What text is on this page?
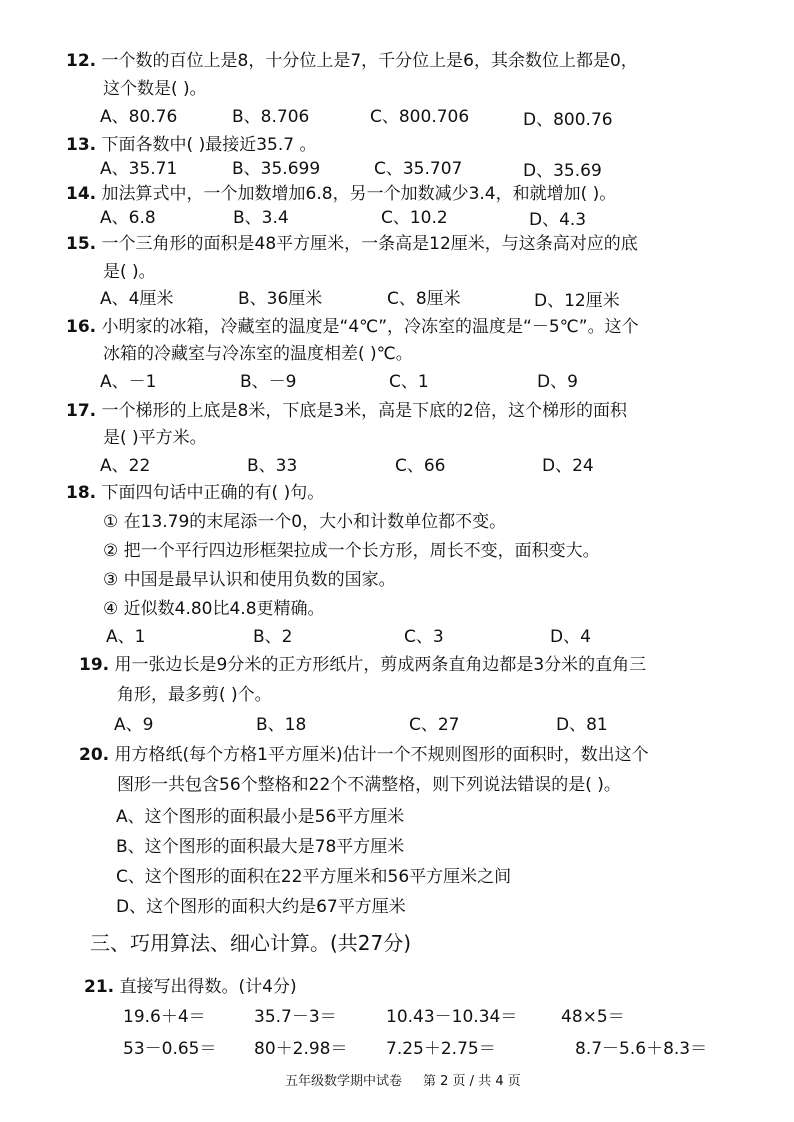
12. 一个数的百位上是8，十分位上是7，千分位上是6，其余数位上都是0，
这个数是( )。
A、80.76	B、8.706	C、800.706	D、800.76
13. 下面各数中( )最接近35.7 。
A、35.71	B、35.699	C、35.707	D、35.69
14. 加法算式中，一个加数增加6.8，另一个加数减少3.4，和就增加( )。
A、6.8	B、3.4	C、10.2	D、4.3
15. 一个三角形的面积是48平方厘米，一条高是12厘米，与这条高对应的底
是( )。
A、4厘米	B、36厘米	C、8厘米	D、12厘米
16. 小明家的冰箱，冷藏室的温度是“4℃”，冷冻室的温度是“－5℃”。这个
冰箱的冷藏室与冷冻室的温度相差( )℃。
A、－1	B、－9	C、1	D、9
17. 一个梯形的上底是8米，下底是3米，高是下底的2倍，这个梯形的面积
是( )平方米。
A、22	B、33	C、66	D、24
18. 下面四句话中正确的有( )句。
① 在13.79的末尾添一个0，大小和计数单位都不变。
② 把一个平行四边形框架拉成一个长方形，周长不变，面积变大。
③ 中国是最早认识和使用负数的国家。
④ 近似数4.80比4.8更精确。
A、1	B、2	C、3	D、4
19. 用一张边长是9分米的正方形纸片，剪成两条直角边都是3分米的直角三
角形，最多剪( )个。
A、9	B、18	C、27	D、81
20. 用方格纸(每个方格1平方厘米)估计一个不规则图形的面积时，数出这个
图形一共包含56个整格和22个不满整格，则下列说法错误的是( )。
A、这个图形的面积最小是56平方厘米
B、这个图形的面积最大是78平方厘米
C、这个图形的面积在22平方厘米和56平方厘米之间
D、这个图形的面积大约是67平方厘米
三、巧用算法、细心计算。(共27分)
21. 直接写出得数。(计4分)
19.6＋4＝	35.7－3＝	10.43－10.34＝	48×5＝
53－0.65＝ 80＋2.98＝ 7.25＋2.75＝	8.7－5.6＋8.3＝
五年级数学期中试卷 第 2 页 / 共 4 页
